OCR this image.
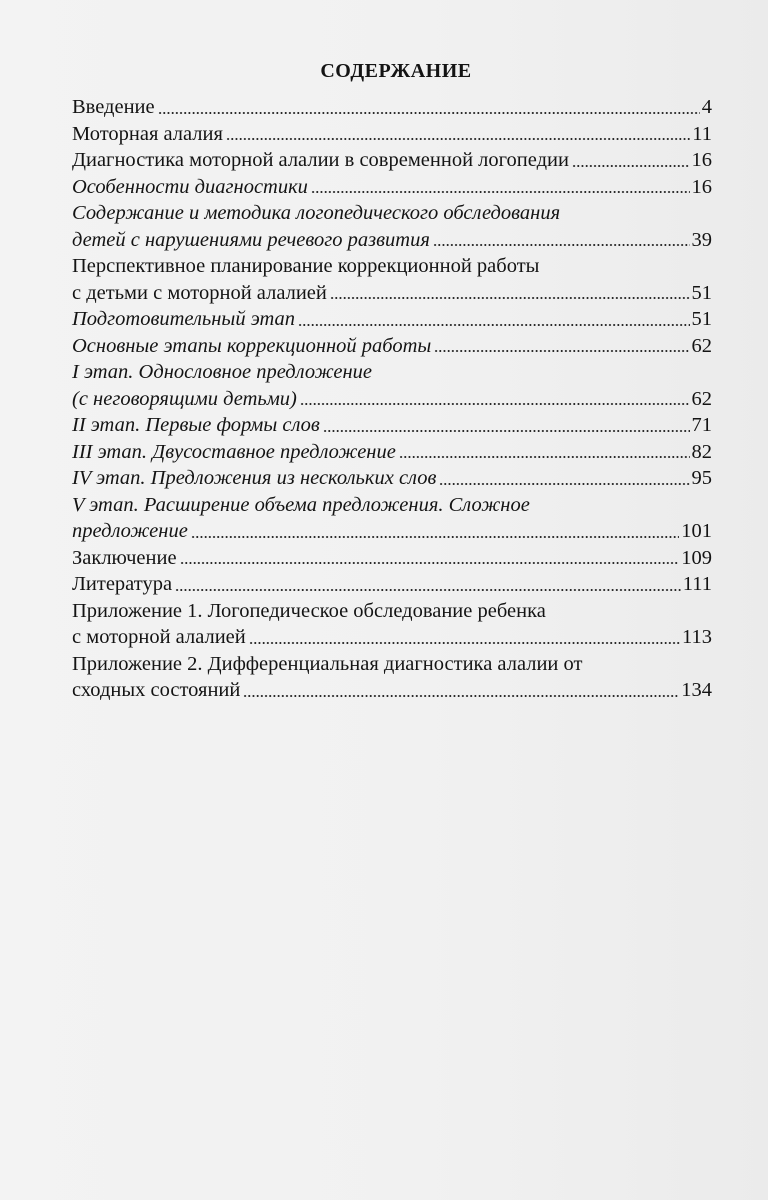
СОДЕРЖАНИЕ
Введение	4
Моторная алалия	11
Диагностика моторной алалии в современной логопедии	16
Особенности диагностики	16
Содержание и методика логопедического обследования
детей с нарушениями речевого развития	39
Перспективное планирование коррекционной работы
с детьми с моторной алалией	51
Подготовительный этап	51
Основные этапы коррекционной работы	62
I этап. Однословное предложение
(с неговорящими детьми)	62
II этап. Первые формы слов	71
III этап. Двусоставное предложение	82
IV этап. Предложения из нескольких слов	95
V этап. Расширение объема предложения. Сложное
предложение	101
Заключение	109
Литература	111
Приложение 1. Логопедическое обследование ребенка
с моторной алалией	113
Приложение 2. Дифференциальная диагностика алалии от
сходных состояний	134
